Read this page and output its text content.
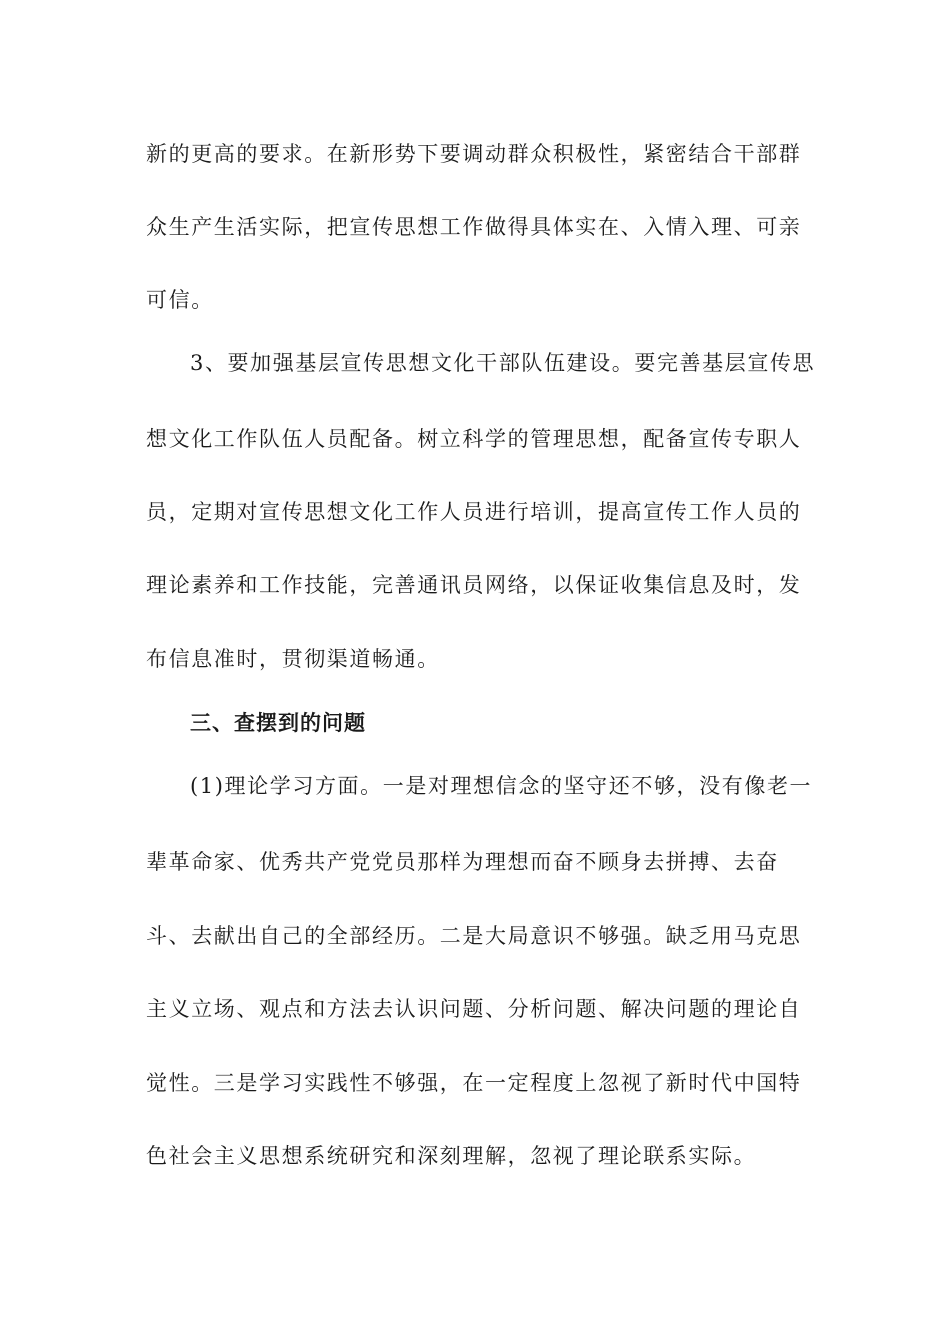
新的更高的要求。在新形势下要调动群众积极性，紧密结合干部群
众生产生活实际，把宣传思想工作做得具体实在、入情入理、可亲
可信。
3、要加强基层宣传思想文化干部队伍建设。要完善基层宣传思
想文化工作队伍人员配备。树立科学的管理思想，配备宣传专职人
员，定期对宣传思想文化工作人员进行培训，提高宣传工作人员的
理论素养和工作技能，完善通讯员网络，以保证收集信息及时，发
布信息准时，贯彻渠道畅通。
三、查摆到的问题
(1)理论学习方面。一是对理想信念的坚守还不够，没有像老一
辈革命家、优秀共产党党员那样为理想而奋不顾身去拼搏、去奋
斗、去献出自己的全部经历。二是大局意识不够强。缺乏用马克思
主义立场、观点和方法去认识问题、分析问题、解决问题的理论自
觉性。三是学习实践性不够强，在一定程度上忽视了新时代中国特
色社会主义思想系统研究和深刻理解，忽视了理论联系实际。
